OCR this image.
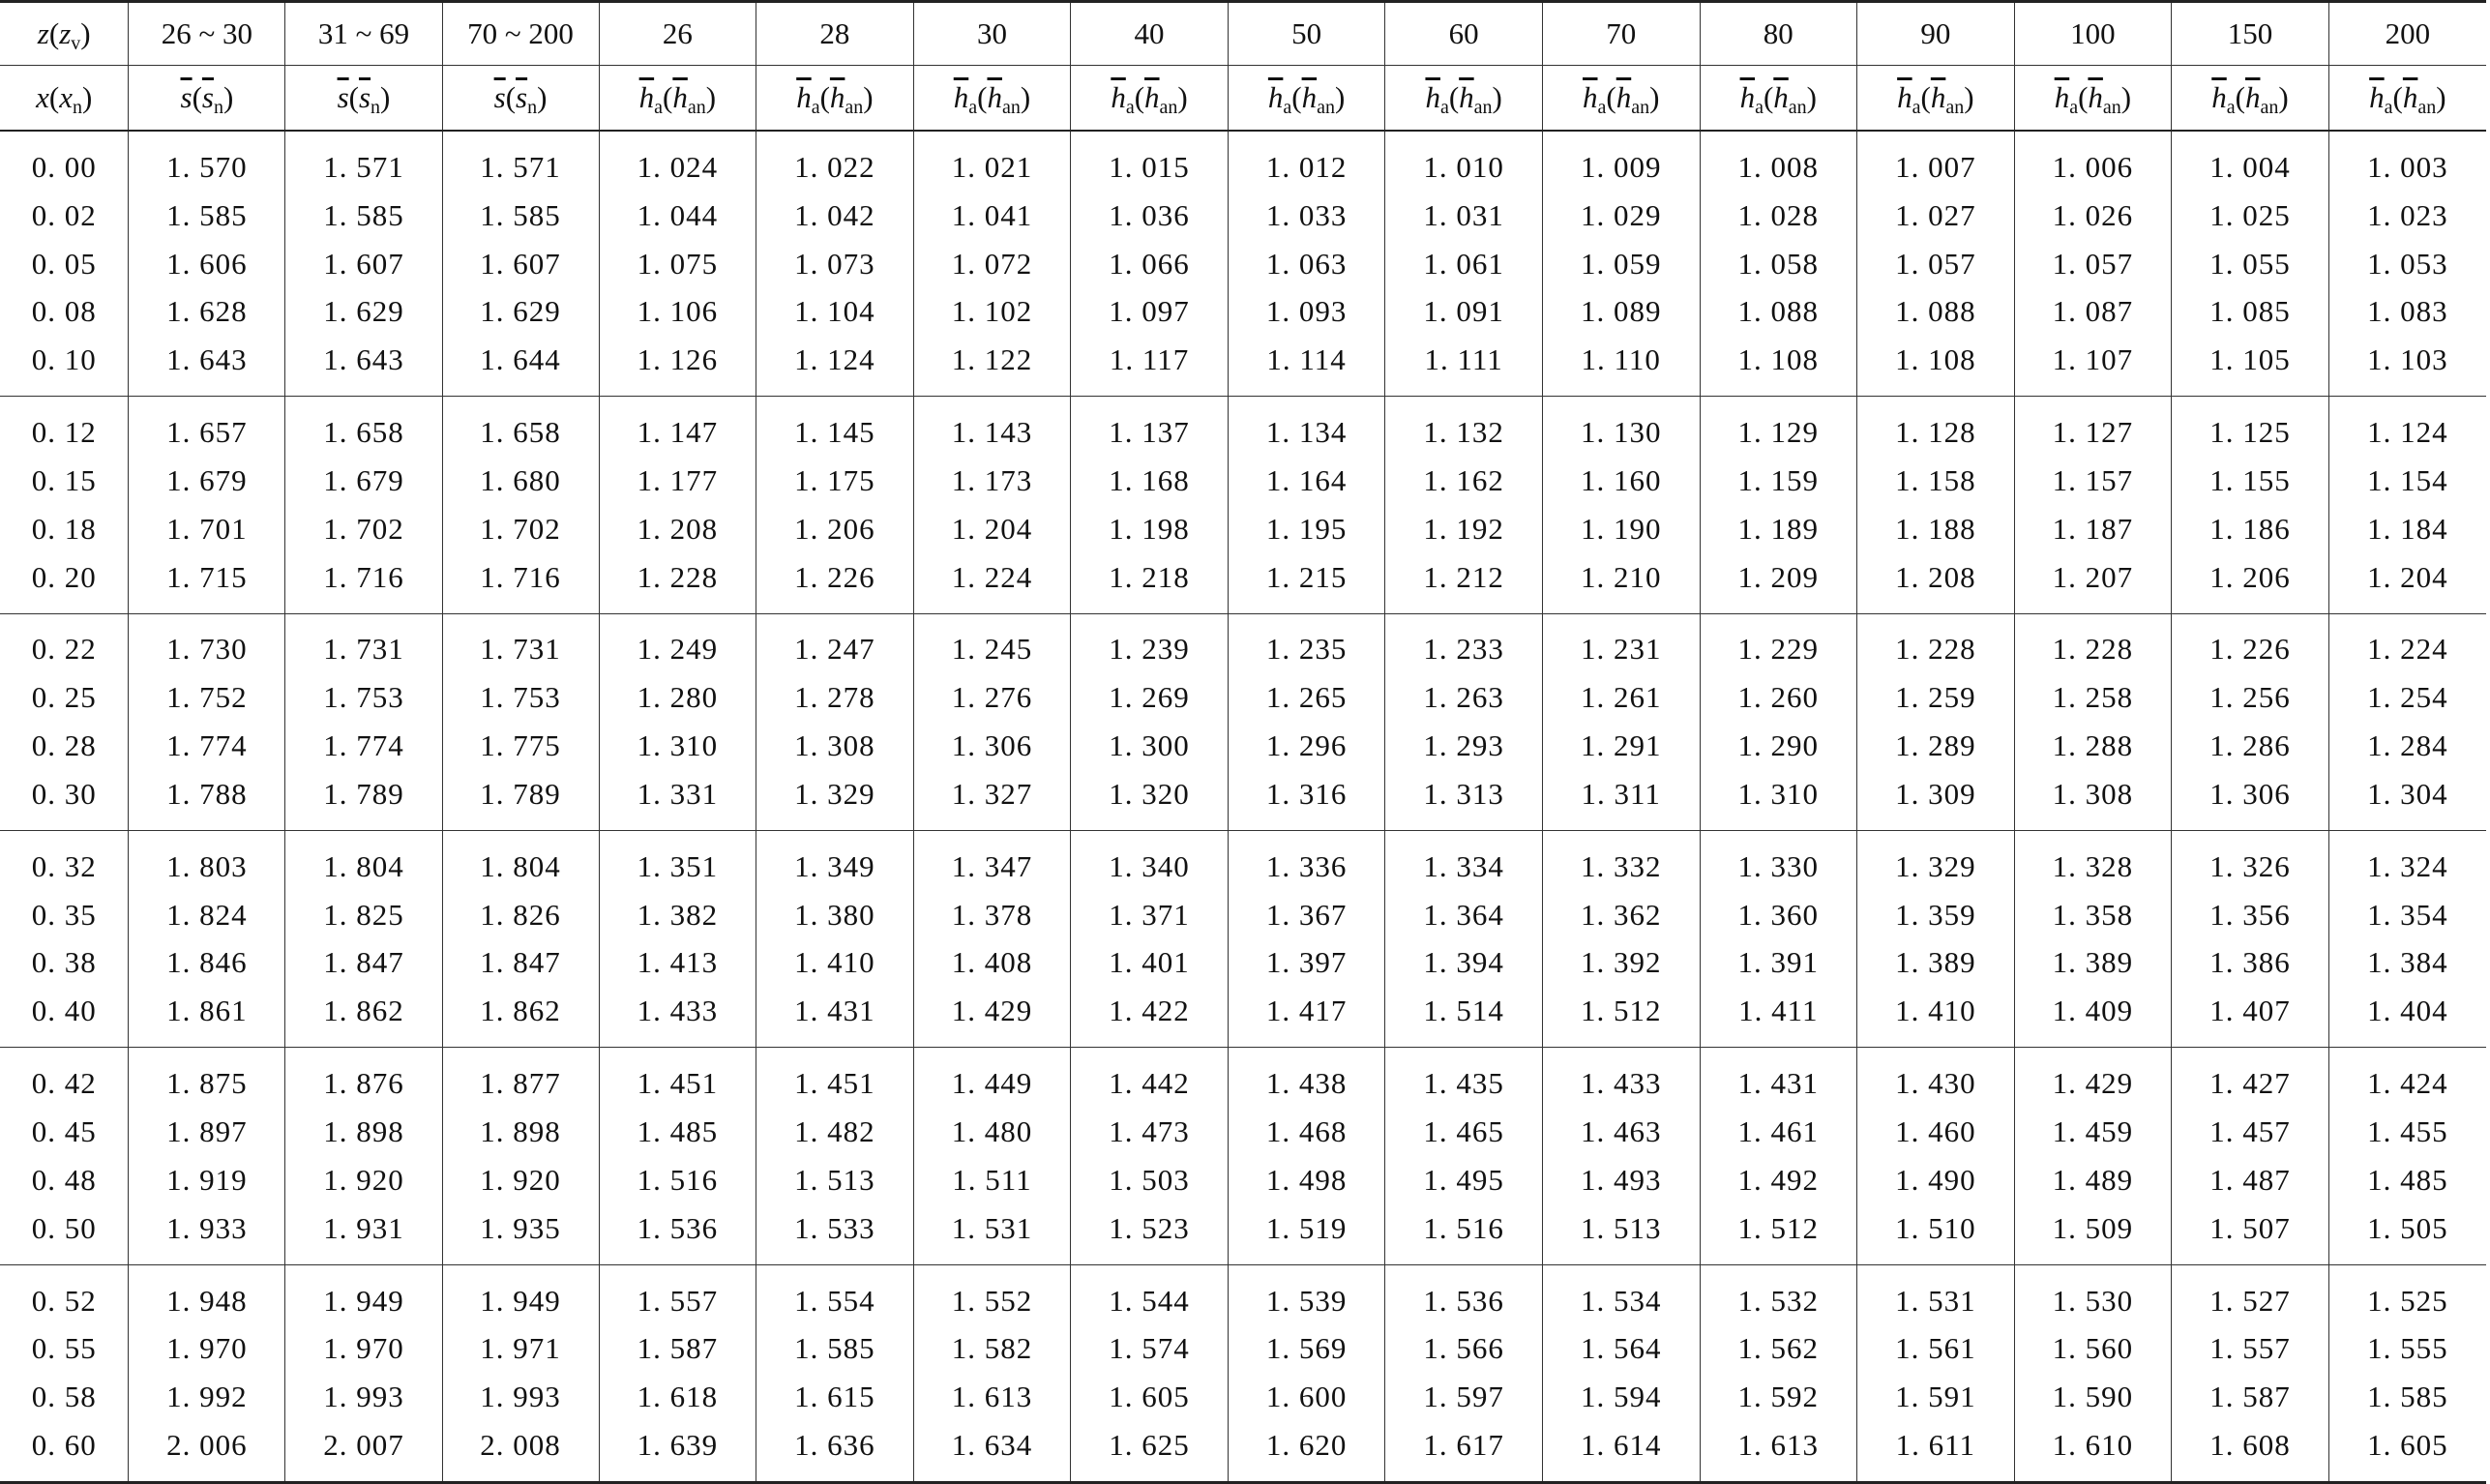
$z(z_v)$	26 ~ 30	31 ~ 69	70 ~ 200	26	28	30	40	50	60	70	80	90	100	150	200
$x(x_n)$	$\overline{s}(\overline{s}_n)$	$\overline{s}(\overline{s}_n)$	$\overline{s}(\overline{s}_n)$	$\overline{h}_a(\overline{h}_{an})$	$\overline{h}_a(\overline{h}_{an})$	$\overline{h}_a(\overline{h}_{an})$	$\overline{h}_a(\overline{h}_{an})$	$\overline{h}_a(\overline{h}_{an})$	$\overline{h}_a(\overline{h}_{an})$	$\overline{h}_a(\overline{h}_{an})$	$\overline{h}_a(\overline{h}_{an})$	$\overline{h}_a(\overline{h}_{an})$	$\overline{h}_a(\overline{h}_{an})$	$\overline{h}_a(\overline{h}_{an})$	$\overline{h}_a(\overline{h}_{an})$
0. 00	1. 570	1. 571	1. 571	1. 024	1. 022	1. 021	1. 015	1. 012	1. 010	1. 009	1. 008	1. 007	1. 006	1. 004	1. 003
0. 02	1. 585	1. 585	1. 585	1. 044	1. 042	1. 041	1. 036	1. 033	1. 031	1. 029	1. 028	1. 027	1. 026	1. 025	1. 023
0. 05	1. 606	1. 607	1. 607	1. 075	1. 073	1. 072	1. 066	1. 063	1. 061	1. 059	1. 058	1. 057	1. 057	1. 055	1. 053
0. 08	1. 628	1. 629	1. 629	1. 106	1. 104	1. 102	1. 097	1. 093	1. 091	1. 089	1. 088	1. 088	1. 087	1. 085	1. 083
0. 10	1. 643	1. 643	1. 644	1. 126	1. 124	1. 122	1. 117	1. 114	1. 111	1. 110	1. 108	1. 108	1. 107	1. 105	1. 103
0. 12	1. 657	1. 658	1. 658	1. 147	1. 145	1. 143	1. 137	1. 134	1. 132	1. 130	1. 129	1. 128	1. 127	1. 125	1. 124
0. 15	1. 679	1. 679	1. 680	1. 177	1. 175	1. 173	1. 168	1. 164	1. 162	1. 160	1. 159	1. 158	1. 157	1. 155	1. 154
0. 18	1. 701	1. 702	1. 702	1. 208	1. 206	1. 204	1. 198	1. 195	1. 192	1. 190	1. 189	1. 188	1. 187	1. 186	1. 184
0. 20	1. 715	1. 716	1. 716	1. 228	1. 226	1. 224	1. 218	1. 215	1. 212	1. 210	1. 209	1. 208	1. 207	1. 206	1. 204
0. 22	1. 730	1. 731	1. 731	1. 249	1. 247	1. 245	1. 239	1. 235	1. 233	1. 231	1. 229	1. 228	1. 228	1. 226	1. 224
0. 25	1. 752	1. 753	1. 753	1. 280	1. 278	1. 276	1. 269	1. 265	1. 263	1. 261	1. 260	1. 259	1. 258	1. 256	1. 254
0. 28	1. 774	1. 774	1. 775	1. 310	1. 308	1. 306	1. 300	1. 296	1. 293	1. 291	1. 290	1. 289	1. 288	1. 286	1. 284
0. 30	1. 788	1. 789	1. 789	1. 331	1. 329	1. 327	1. 320	1. 316	1. 313	1. 311	1. 310	1. 309	1. 308	1. 306	1. 304
0. 32	1. 803	1. 804	1. 804	1. 351	1. 349	1. 347	1. 340	1. 336	1. 334	1. 332	1. 330	1. 329	1. 328	1. 326	1. 324
0. 35	1. 824	1. 825	1. 826	1. 382	1. 380	1. 378	1. 371	1. 367	1. 364	1. 362	1. 360	1. 359	1. 358	1. 356	1. 354
0. 38	1. 846	1. 847	1. 847	1. 413	1. 410	1. 408	1. 401	1. 397	1. 394	1. 392	1. 391	1. 389	1. 389	1. 386	1. 384
0. 40	1. 861	1. 862	1. 862	1. 433	1. 431	1. 429	1. 422	1. 417	1. 514	1. 512	1. 411	1. 410	1. 409	1. 407	1. 404
0. 42	1. 875	1. 876	1. 877	1. 451	1. 451	1. 449	1. 442	1. 438	1. 435	1. 433	1. 431	1. 430	1. 429	1. 427	1. 424
0. 45	1. 897	1. 898	1. 898	1. 485	1. 482	1. 480	1. 473	1. 468	1. 465	1. 463	1. 461	1. 460	1. 459	1. 457	1. 455
0. 48	1. 919	1. 920	1. 920	1. 516	1. 513	1. 511	1. 503	1. 498	1. 495	1. 493	1. 492	1. 490	1. 489	1. 487	1. 485
0. 50	1. 933	1. 931	1. 935	1. 536	1. 533	1. 531	1. 523	1. 519	1. 516	1. 513	1. 512	1. 510	1. 509	1. 507	1. 505
0. 52	1. 948	1. 949	1. 949	1. 557	1. 554	1. 552	1. 544	1. 539	1. 536	1. 534	1. 532	1. 531	1. 530	1. 527	1. 525
0. 55	1. 970	1. 970	1. 971	1. 587	1. 585	1. 582	1. 574	1. 569	1. 566	1. 564	1. 562	1. 561	1. 560	1. 557	1. 555
0. 58	1. 992	1. 993	1. 993	1. 618	1. 615	1. 613	1. 605	1. 600	1. 597	1. 594	1. 592	1. 591	1. 590	1. 587	1. 585
0. 60	2. 006	2. 007	2. 008	1. 639	1. 636	1. 634	1. 625	1. 620	1. 617	1. 614	1. 613	1. 611	1. 610	1. 608	1. 605
